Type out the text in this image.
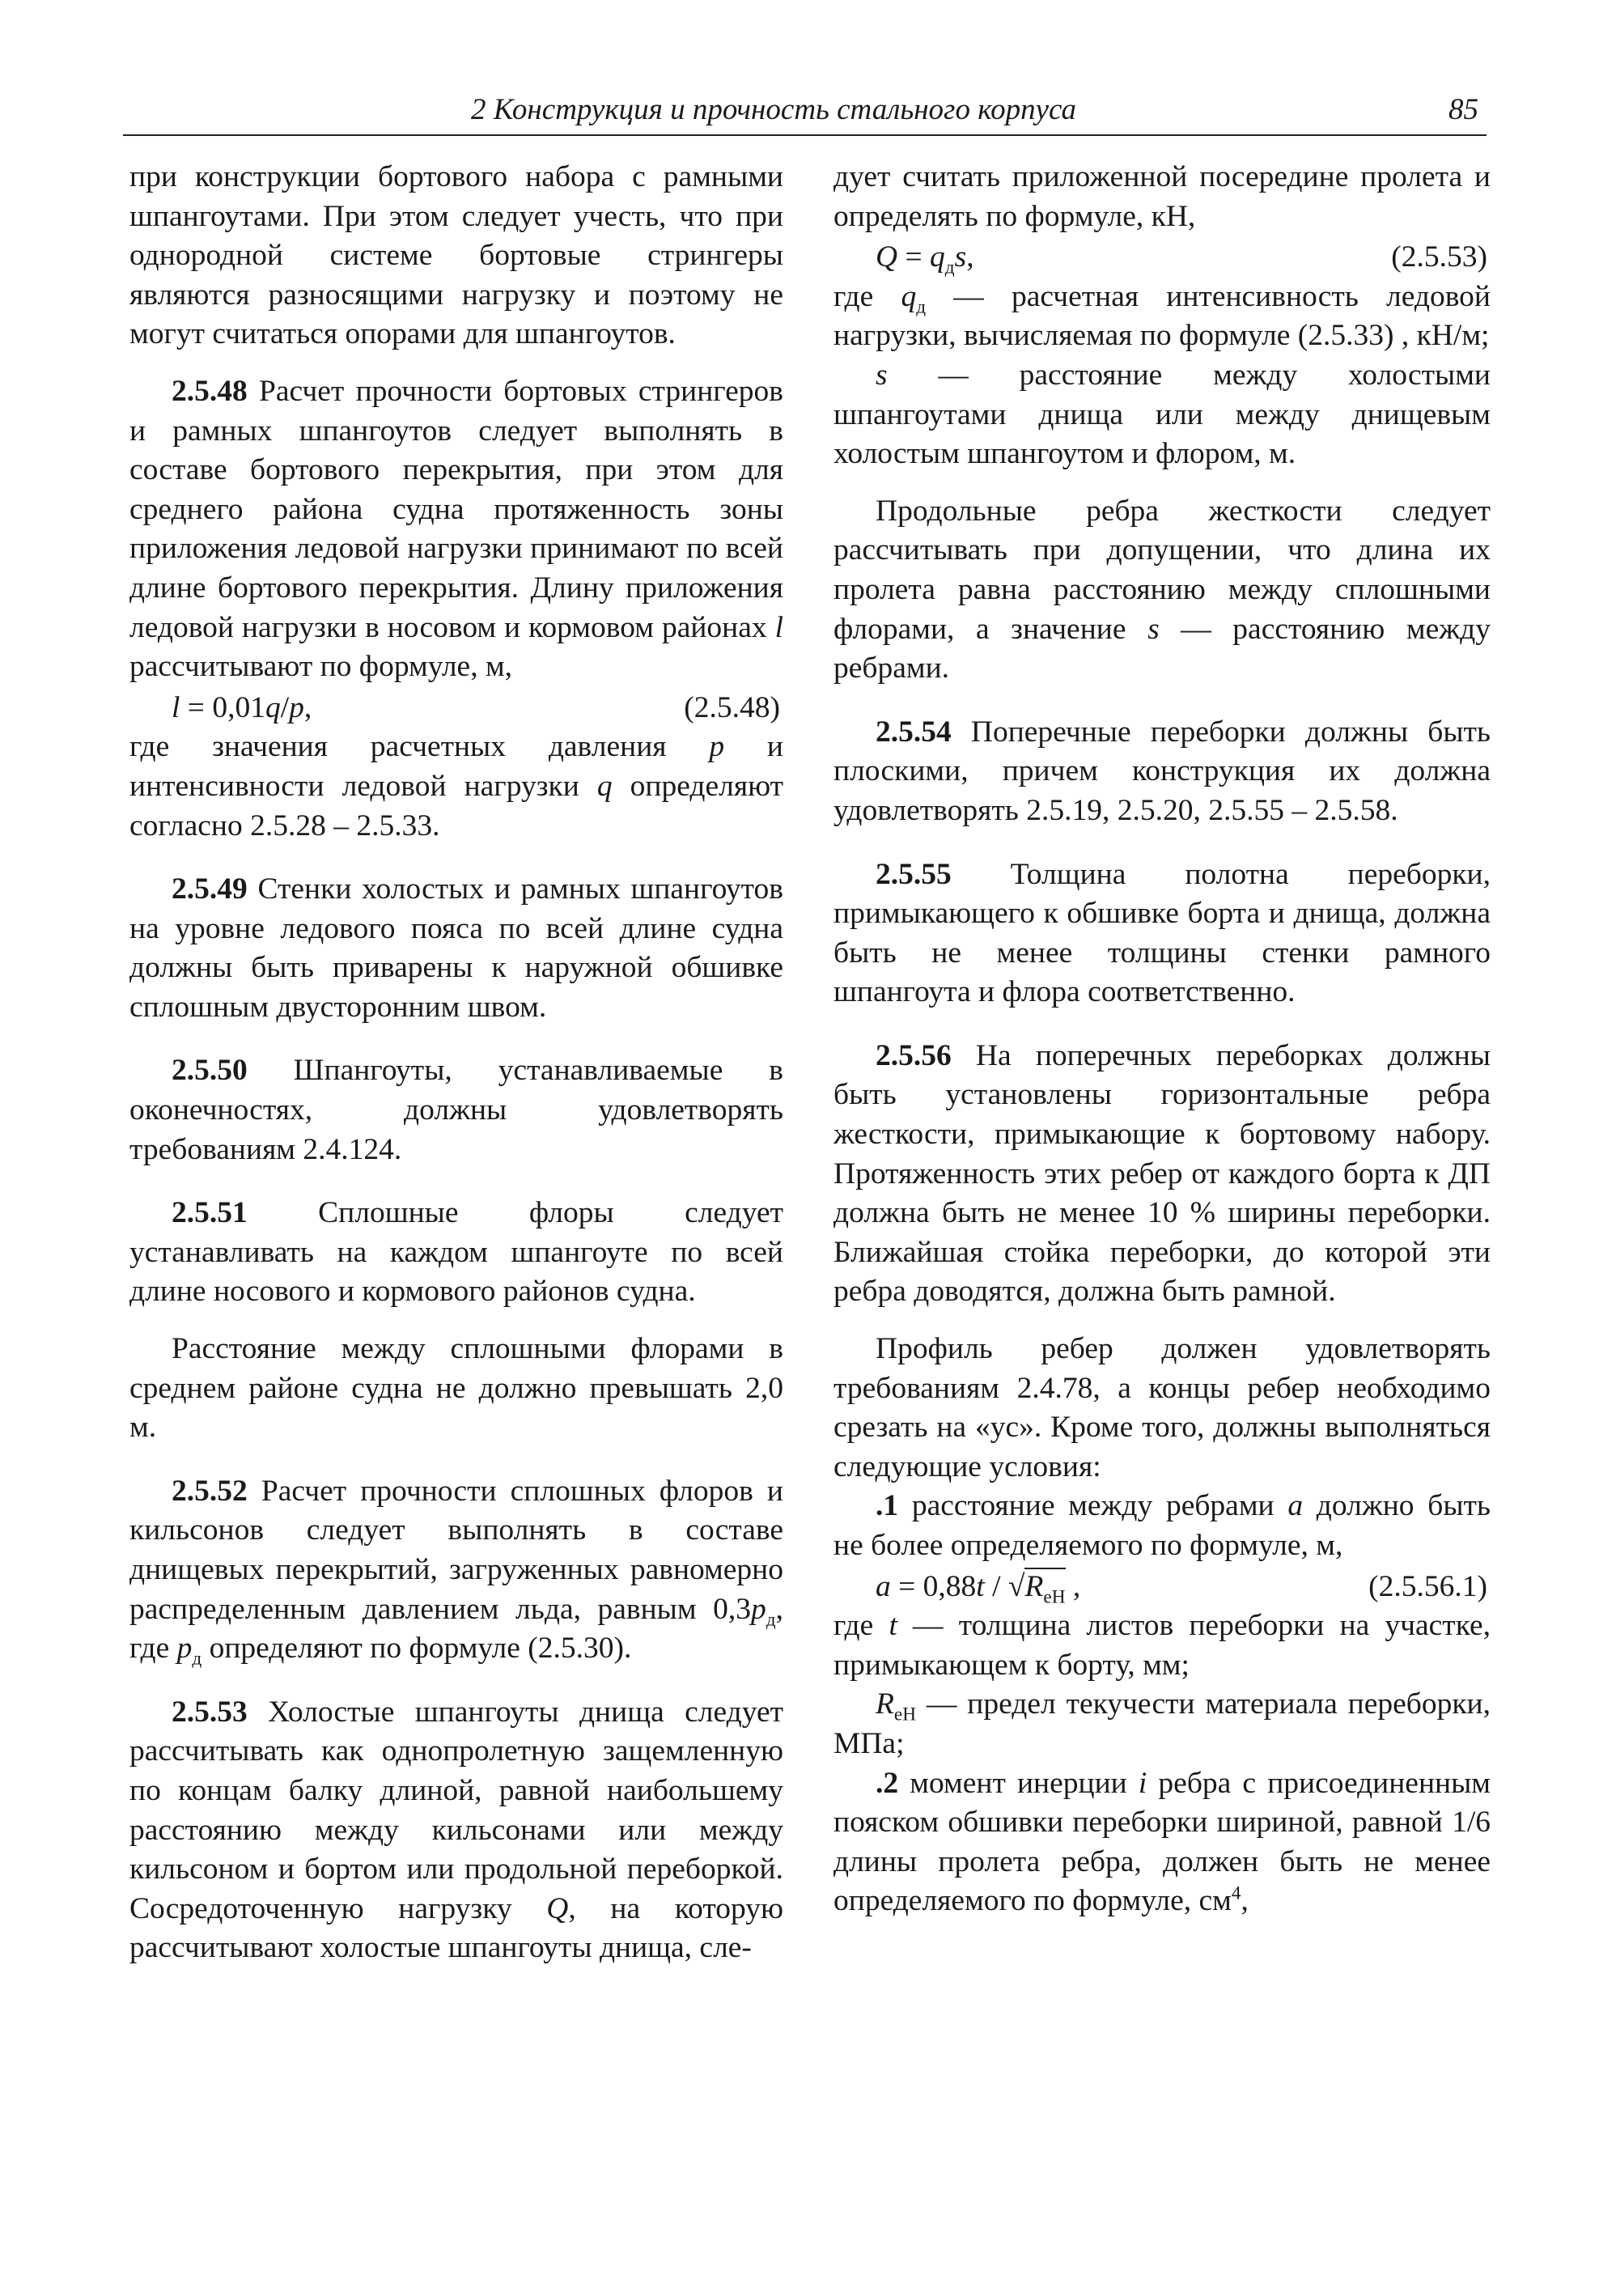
2 Конструкция и прочность стального корпуса	85

при конструкции бортового набора с рамными шпангоутами. При этом следует учесть, что при однородной системе бортовые стрингеры являются разносящими нагрузку и поэтому не могут считаться опорами для шпангоутов.

2.5.48 Расчет прочности бортовых стрингеров и рамных шпангоутов следует выполнять в составе бортового перекрытия, при этом для среднего района судна протяженность зоны приложения ледовой нагрузки принимают по всей длине бортового перекрытия. Длину приложения ледовой нагрузки в носовом и кормовом районах l рассчитывают по формуле, м,

l = 0,01q/p,	(2.5.48)

где значения расчетных давления p и интенсивности ледовой нагрузки q определяют согласно 2.5.28 – 2.5.33.

2.5.49 Стенки холостых и рамных шпангоутов на уровне ледового пояса по всей длине судна должны быть приварены к наружной обшивке сплошным двусторонним швом.

2.5.50 Шпангоуты, устанавливаемые в оконечностях, должны удовлетворять требованиям 2.4.124.

2.5.51 Сплошные флоры следует устанавливать на каждом шпангоуте по всей длине носового и кормового районов судна.

Расстояние между сплошными флорами в среднем районе судна не должно превышать 2,0 м.

2.5.52 Расчет прочности сплошных флоров и кильсонов следует выполнять в составе днищевых перекрытий, загруженных равномерно распределенным давлением льда, равным $0,3p_д$, где $p_д$ определяют по формуле (2.5.30).

2.5.53 Холостые шпангоуты днища следует рассчитывать как однопролетную защемленную по концам балку длиной, равной наибольшему расстоянию между кильсонами или между кильсоном и бортом или продольной переборкой. Сосредоточенную нагрузку Q, на которую рассчитывают холостые шпангоуты днища, сле-

дует считать приложенной посередине пролета и определять по формуле, кН,

$Q = q_дs$,	(2.5.53)

где $q_д$ — расчетная интенсивность ледовой нагрузки, вычисляемая по формуле (2.5.33) , кН/м;

s — расстояние между холостыми шпангоутами днища или между днищевым холостым шпангоутом и флором, м.

Продольные ребра жесткости следует рассчитывать при допущении, что длина их пролета равна расстоянию между сплошными флорами, а значение s — расстоянию между ребрами.

2.5.54 Поперечные переборки должны быть плоскими, причем конструкция их должна удовлетворять 2.5.19, 2.5.20, 2.5.55 – 2.5.58.

2.5.55 Толщина полотна переборки, примыкающего к обшивке борта и днища, должна быть не менее толщины стенки рамного шпангоута и флора соответственно.

2.5.56 На поперечных переборках должны быть установлены горизонтальные ребра жесткости, примыкающие к бортовому набору. Протяженность этих ребер от каждого борта к ДП должна быть не менее 10 % ширины переборки. Ближайшая стойка переборки, до которой эти ребра доводятся, должна быть рамной.

Профиль ребер должен удовлетворять требованиям 2.4.78, а концы ребер необходимо срезать на «ус». Кроме того, должны выполняться следующие условия:

.1 расстояние между ребрами a должно быть не более определяемого по формуле, м,

$a = 0,88t / √R_{eH}$ ,	(2.5.56.1)

где t — толщина листов переборки на участке, примыкающем к борту, мм;

$R_{eH}$ — предел текучести материала переборки, МПа;

.2 момент инерции i ребра с присоединенным пояском обшивки переборки шириной, равной 1/6 длины пролета ребра, должен быть не менее определяемого по формуле, $см^4$,
